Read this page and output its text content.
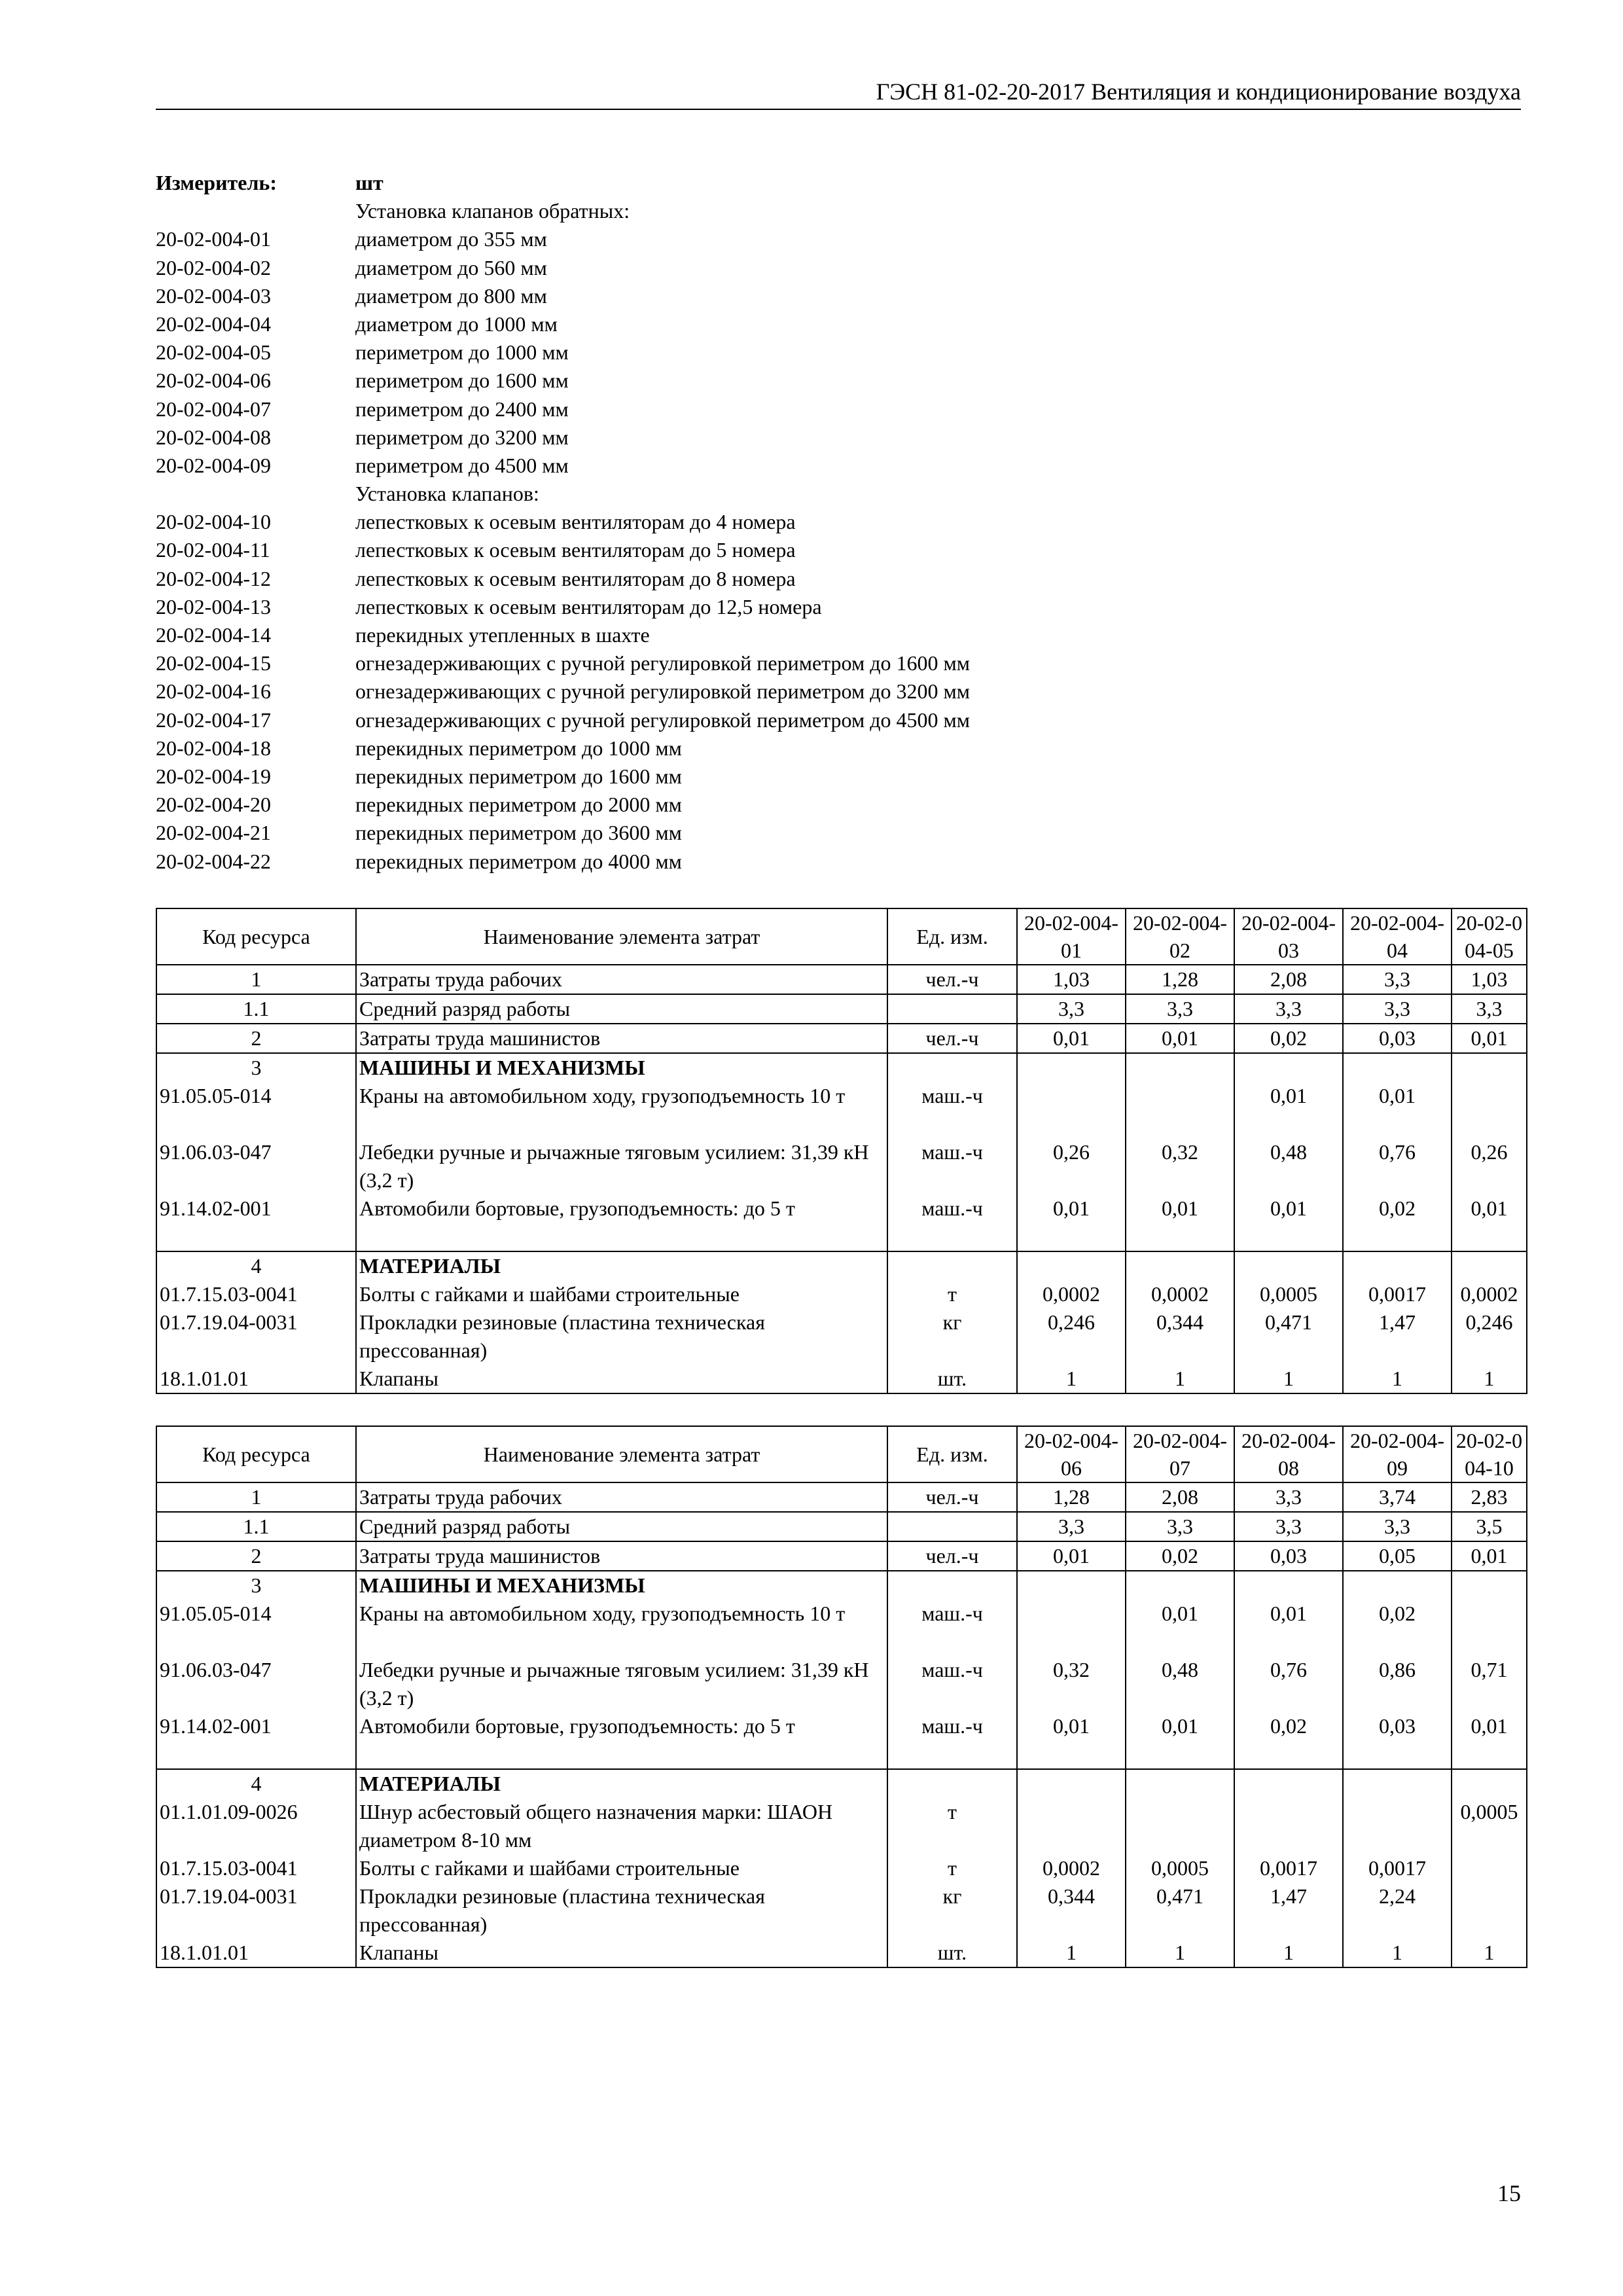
ГЭСН 81-02-20-2017 Вентиляция и кондиционирование воздуха
Измеритель:	шт
Установка клапанов обратных:
20-02-004-01	диаметром до 355 мм
20-02-004-02	диаметром до 560 мм
20-02-004-03	диаметром до 800 мм
20-02-004-04	диаметром до 1000 мм
20-02-004-05	периметром до 1000 мм
20-02-004-06	периметром до 1600 мм
20-02-004-07	периметром до 2400 мм
20-02-004-08	периметром до 3200 мм
20-02-004-09	периметром до 4500 мм
Установка клапанов:
20-02-004-10	лепестковых к осевым вентиляторам до 4 номера
20-02-004-11	лепестковых к осевым вентиляторам до 5 номера
20-02-004-12	лепестковых к осевым вентиляторам до 8 номера
20-02-004-13	лепестковых к осевым вентиляторам до 12,5 номера
20-02-004-14	перекидных утепленных в шахте
20-02-004-15	огнезадерживающих с ручной регулировкой периметром до 1600 мм
20-02-004-16	огнезадерживающих с ручной регулировкой периметром до 3200 мм
20-02-004-17	огнезадерживающих с ручной регулировкой периметром до 4500 мм
20-02-004-18	перекидных периметром до 1000 мм
20-02-004-19	перекидных периметром до 1600 мм
20-02-004-20	перекидных периметром до 2000 мм
20-02-004-21	перекидных периметром до 3600 мм
20-02-004-22	перекидных периметром до 4000 мм
Код ресурса	Наименование элемента затрат	Ед. изм.	20-02-004-01	20-02-004-02	20-02-004-03	20-02-004-04	20-02-004-05
1	Затраты труда рабочих	чел.-ч	1,03	1,28	2,08	3,3	1,03
1.1	Средний разряд работы		3,3	3,3	3,3	3,3	3,3
2	Затраты труда машинистов	чел.-ч	0,01	0,01	0,02	0,03	0,01
3	МАШИНЫ И МЕХАНИЗМЫ						
91.05.05-014	Краны на автомобильном ходу, грузоподъемность 10 т	маш.-ч			0,01	0,01	
91.06.03-047	Лебедки ручные и рычажные тяговым усилием: 31,39 кН (3,2 т)	маш.-ч	0,26	0,32	0,48	0,76	0,26
91.14.02-001	Автомобили бортовые, грузоподъемность: до 5 т	маш.-ч	0,01	0,01	0,01	0,02	0,01
4	МАТЕРИАЛЫ						
01.7.15.03-0041	Болты с гайками и шайбами строительные	т	0,0002	0,0002	0,0005	0,0017	0,0002
01.7.19.04-0031	Прокладки резиновые (пластина техническая прессованная)	кг	0,246	0,344	0,471	1,47	0,246
18.1.01.01	Клапаны	шт.	1	1	1	1	1
Код ресурса	Наименование элемента затрат	Ед. изм.	20-02-004-06	20-02-004-07	20-02-004-08	20-02-004-09	20-02-004-10
1	Затраты труда рабочих	чел.-ч	1,28	2,08	3,3	3,74	2,83
1.1	Средний разряд работы		3,3	3,3	3,3	3,3	3,5
2	Затраты труда машинистов	чел.-ч	0,01	0,02	0,03	0,05	0,01
3	МАШИНЫ И МЕХАНИЗМЫ						
91.05.05-014	Краны на автомобильном ходу, грузоподъемность 10 т	маш.-ч		0,01	0,01	0,02	
91.06.03-047	Лебедки ручные и рычажные тяговым усилием: 31,39 кН (3,2 т)	маш.-ч	0,32	0,48	0,76	0,86	0,71
91.14.02-001	Автомобили бортовые, грузоподъемность: до 5 т	маш.-ч	0,01	0,01	0,02	0,03	0,01
4	МАТЕРИАЛЫ						
01.1.01.09-0026	Шнур асбестовый общего назначения марки: ШАОН диаметром 8-10 мм	т					0,0005
01.7.15.03-0041	Болты с гайками и шайбами строительные	т	0,0002	0,0005	0,0017	0,0017	
01.7.19.04-0031	Прокладки резиновые (пластина техническая прессованная)	кг	0,344	0,471	1,47	2,24	
18.1.01.01	Клапаны	шт.	1	1	1	1	1
15
